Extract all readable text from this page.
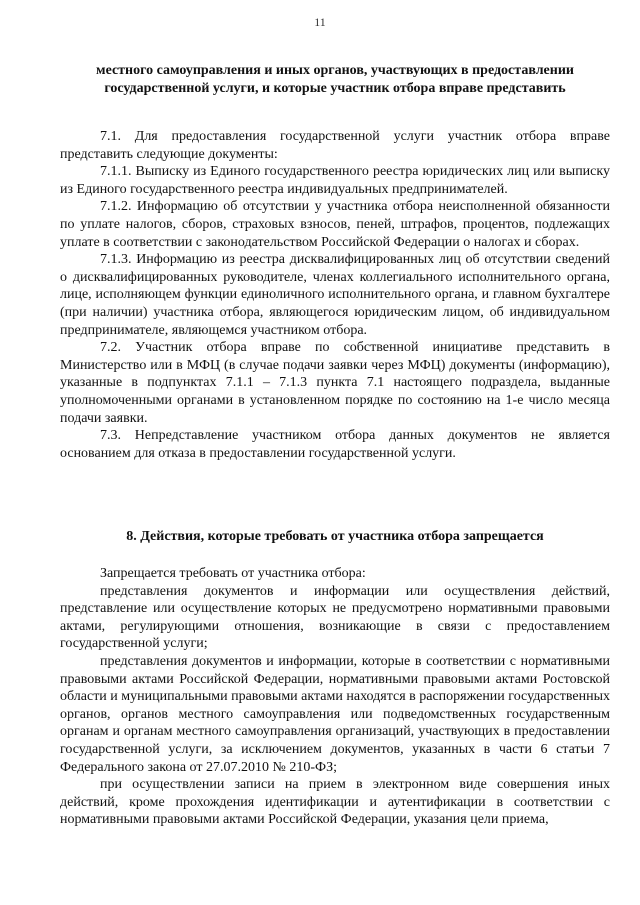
11
местного самоуправления и иных органов, участвующих в предоставлении государственной услуги, и которые участник отбора вправе представить

7.1. Для предоставления государственной услуги участник отбора вправе представить следующие документы:

7.1.1. Выписку из Единого государственного реестра юридических лиц или выписку из Единого государственного реестра индивидуальных предпринимателей.

7.1.2. Информацию об отсутствии у участника отбора неисполненной обязанности по уплате налогов, сборов, страховых взносов, пеней, штрафов, процентов, подлежащих уплате в соответствии с законодательством Российской Федерации о налогах и сборах.

7.1.3. Информацию из реестра дисквалифицированных лиц об отсутствии сведений о дисквалифицированных руководителе, членах коллегиального исполнительного органа, лице, исполняющем функции единоличного исполнительного органа, и главном бухгалтере (при наличии) участника отбора, являющегося юридическим лицом, об индивидуальном предпринимателе, являющемся участником отбора.

7.2. Участник отбора вправе по собственной инициативе представить в Министерство или в МФЦ (в случае подачи заявки через МФЦ) документы (информацию), указанные в подпунктах 7.1.1 – 7.1.3 пункта 7.1 настоящего подраздела, выданные уполномоченными органами в установленном порядке по состоянию на 1-е число месяца подачи заявки.

7.3. Непредставление участником отбора данных документов не является основанием для отказа в предоставлении государственной услуги.

8. Действия, которые требовать от участника отбора запрещается

Запрещается требовать от участника отбора:

представления документов и информации или осуществления действий, представление или осуществление которых не предусмотрено нормативными правовыми актами, регулирующими отношения, возникающие в связи с предоставлением государственной услуги;

представления документов и информации, которые в соответствии с нормативными правовыми актами Российской Федерации, нормативными правовыми актами Ростовской области и муниципальными правовыми актами находятся в распоряжении государственных органов, органов местного самоуправления или подведомственных государственным органам и органам местного самоуправления организаций, участвующих в предоставлении государственной услуги, за исключением документов, указанных в части 6 статьи 7 Федерального закона от 27.07.2010 № 210-ФЗ;

при осуществлении записи на прием в электронном виде совершения иных действий, кроме прохождения идентификации и аутентификации в соответствии с нормативными правовыми актами Российской Федерации, указания цели приема,
